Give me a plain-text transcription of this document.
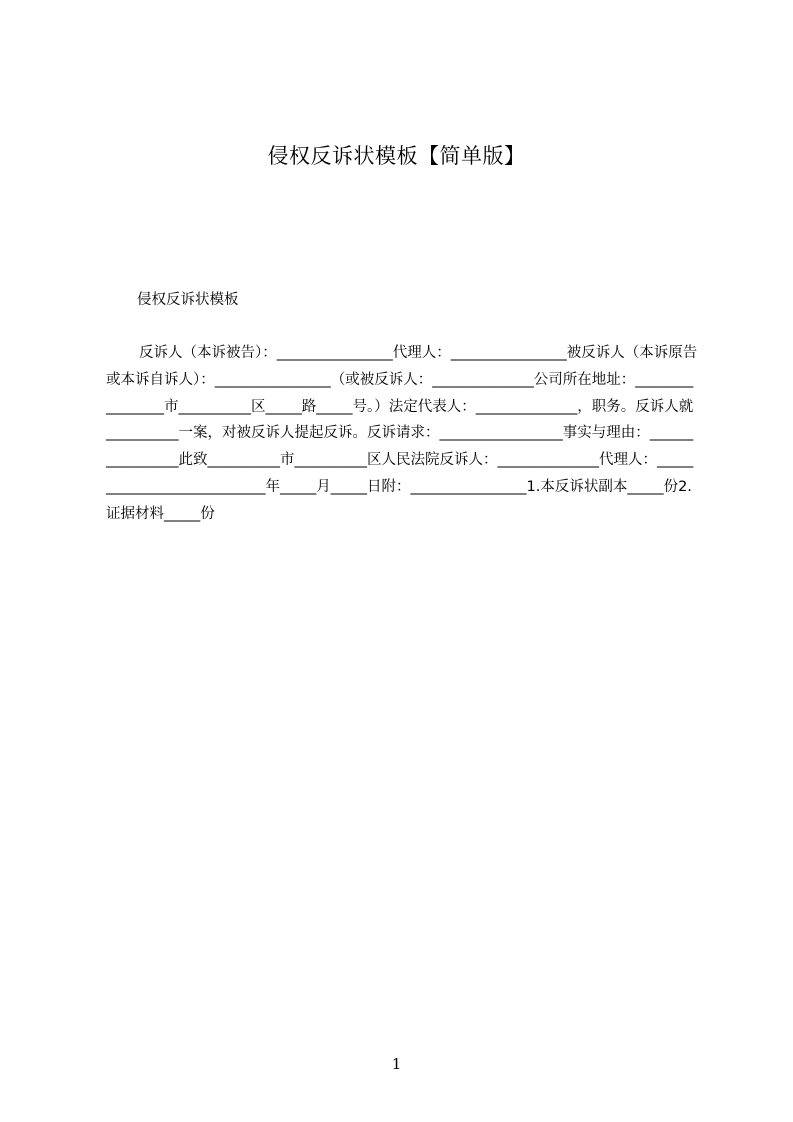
侵权反诉状模板【简单版】
侵权反诉状模板

反诉人（本诉被告）：________________代理人：________________被反诉人（本诉原告或本诉自诉人）：________________（或被反诉人：______________公司所在地址：________________市__________区_____路_____号。）法定代表人：______________，职务。反诉人就__________一案，对被反诉人提起反诉。反诉请求：_________________事实与理由：________________此致__________市__________区人民法院反诉人：______________代理人：___________________________年_____月_____日附：________________1.本反诉状副本_____份2.证据材料_____份

1
